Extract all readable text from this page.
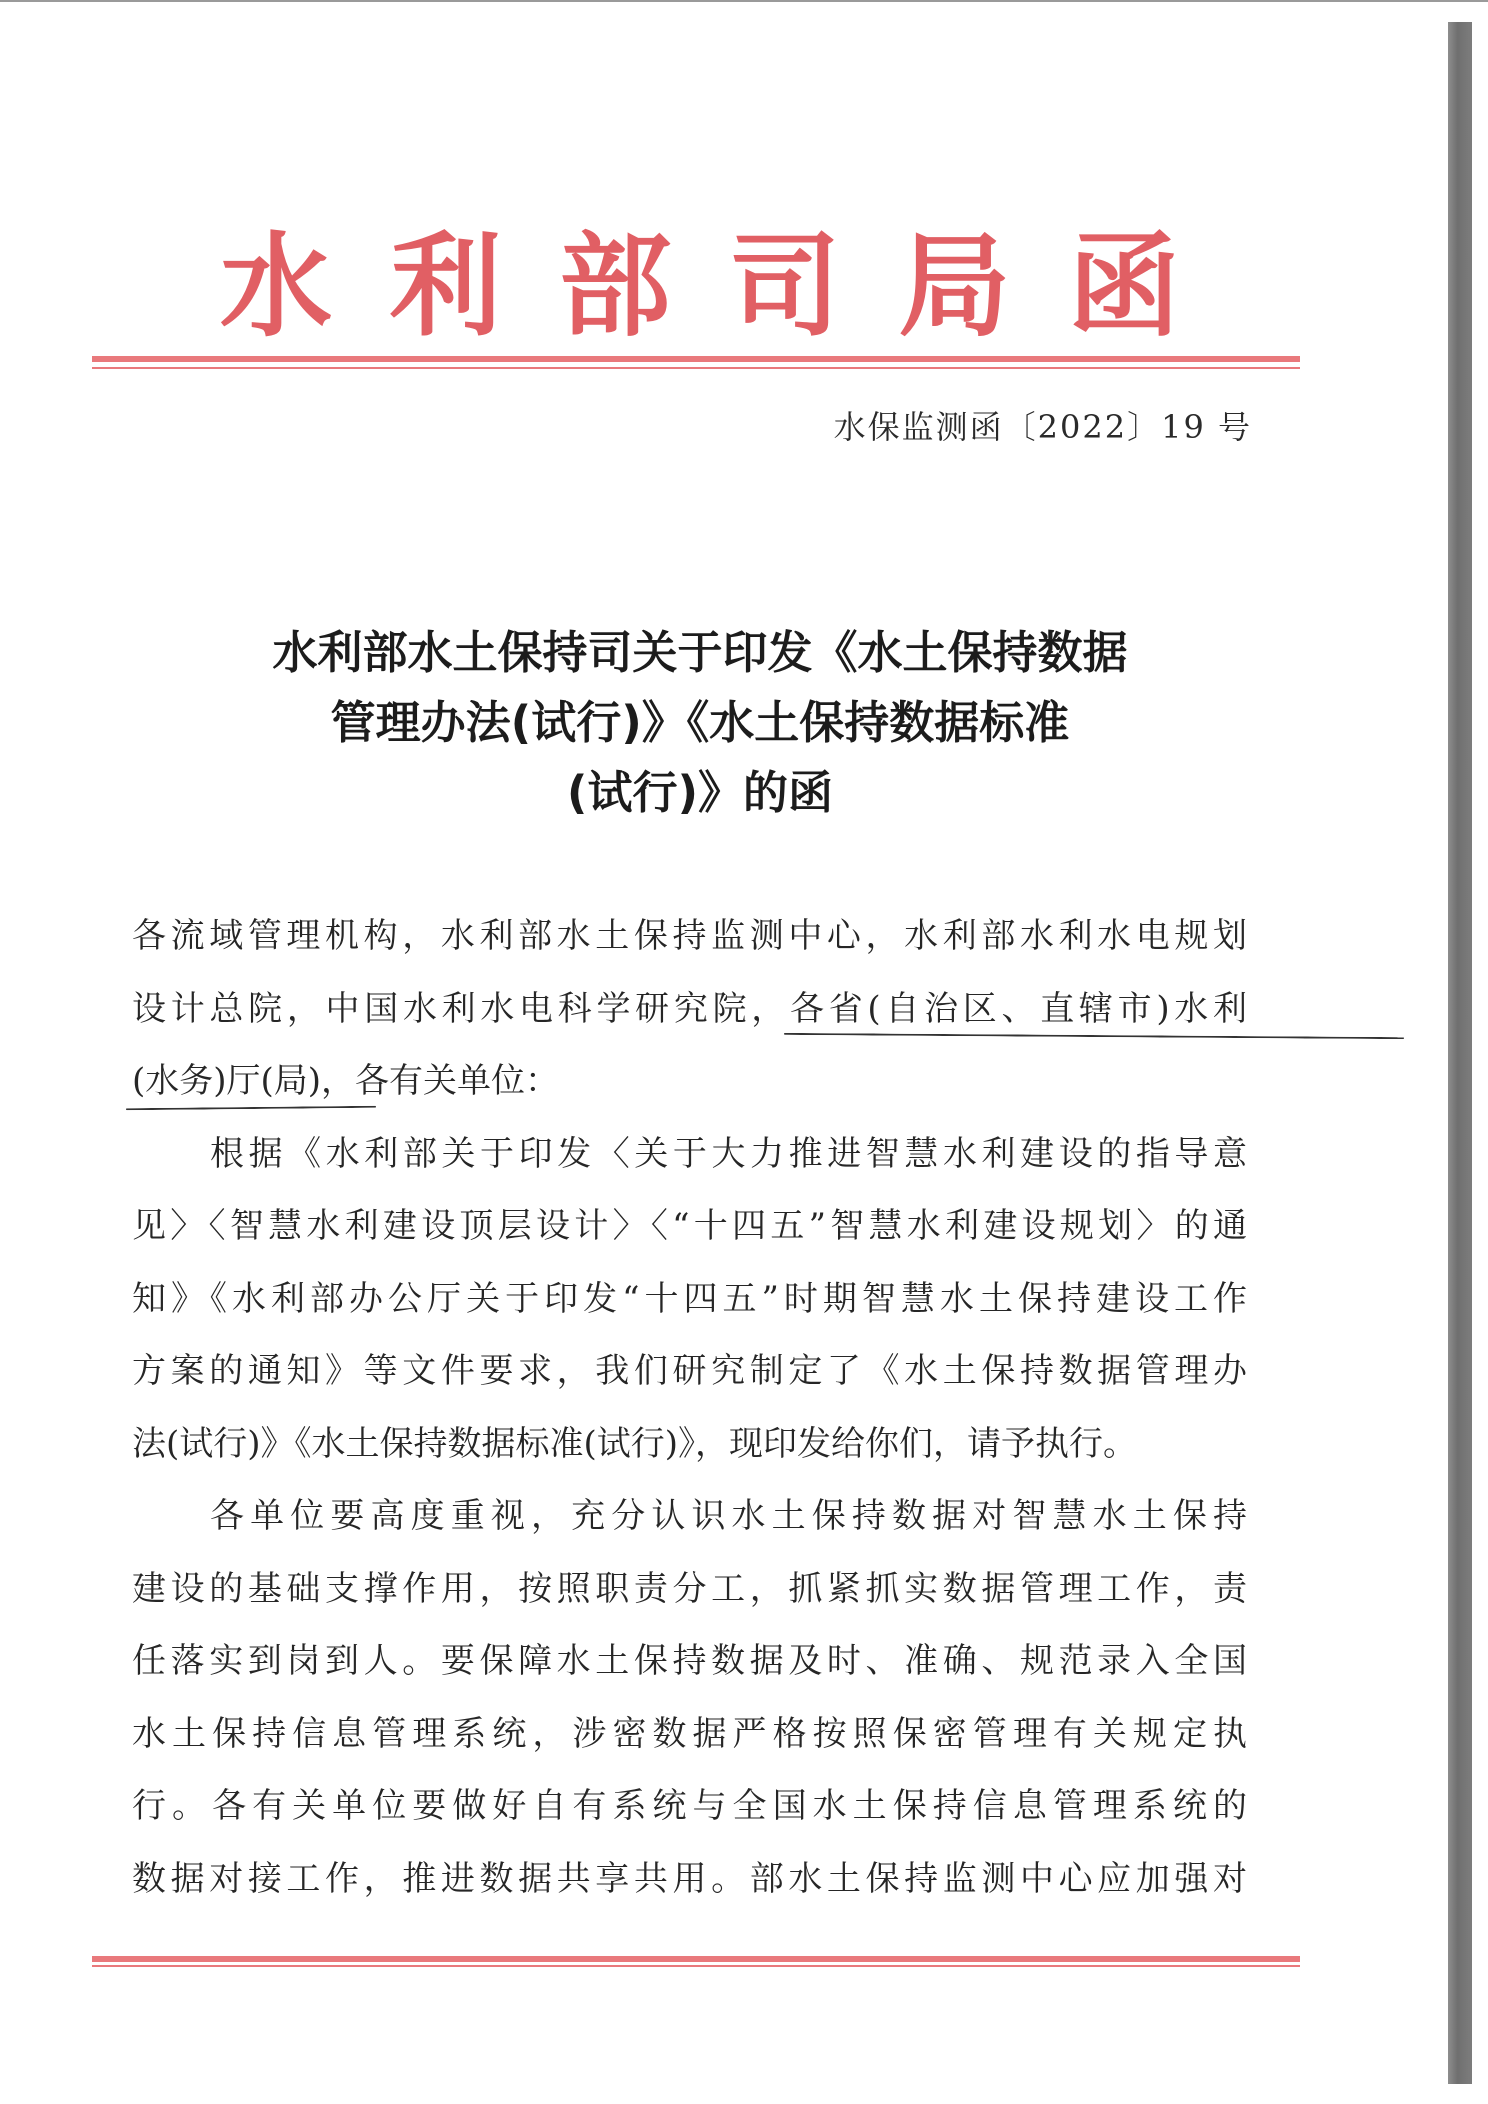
水 利 部 司 局 函
水保监测函〔2022〕19 号
水利部水土保持司关于印发《水土保持数据
管理办法(试行)》《水土保持数据标准
(试行)》的函
各流域管理机构，水利部水土保持监测中心，水利部水利水电规划
设计总院，中国水利水电科学研究院，各省(自治区、直辖市)水利
(水务)厅(局)，各有关单位：
根据《水利部关于印发〈关于大力推进智慧水利建设的指导意
见〉〈智慧水利建设顶层设计〉〈“十四五”智慧水利建设规划〉的通
知》《水利部办公厅关于印发“十四五”时期智慧水土保持建设工作
方案的通知》等文件要求，我们研究制定了《水土保持数据管理办
法(试行)》《水土保持数据标准(试行)》，现印发给你们，请予执行。
各单位要高度重视，充分认识水土保持数据对智慧水土保持
建设的基础支撑作用，按照职责分工，抓紧抓实数据管理工作，责
任落实到岗到人。要保障水土保持数据及时、准确、规范录入全国
水土保持信息管理系统，涉密数据严格按照保密管理有关规定执
行。各有关单位要做好自有系统与全国水土保持信息管理系统的
数据对接工作，推进数据共享共用。部水土保持监测中心应加强对
